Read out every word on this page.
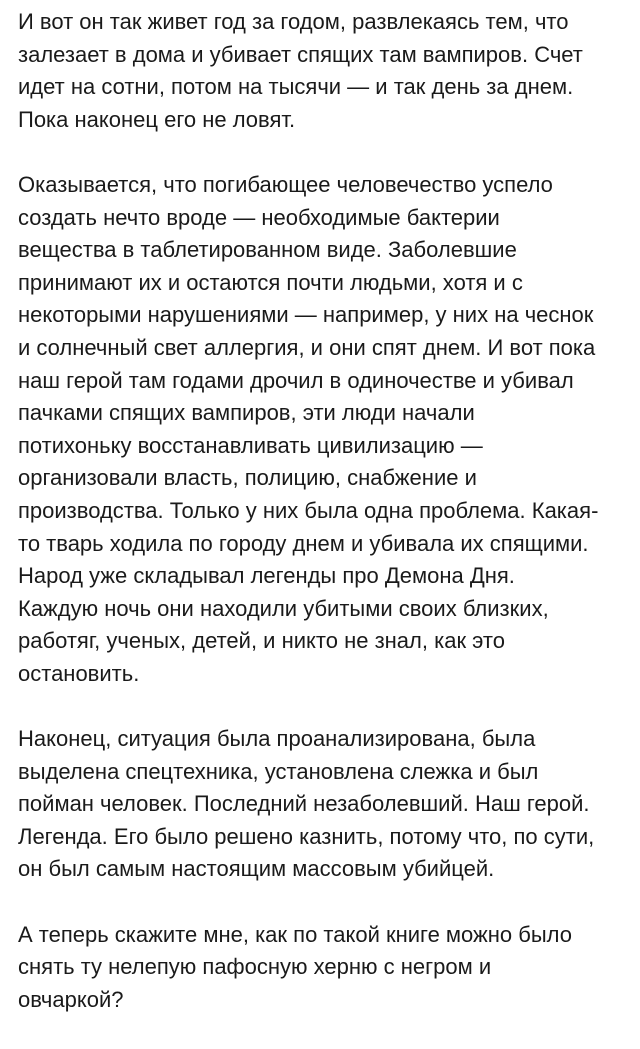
И вот он так живет год за годом, развлекаясь тем, что
залезает в дома и убивает спящих там вампиров. Счет
идет на сотни, потом на тысячи — и так день за днем.
Пока наконец его не ловят.

Оказывается, что погибающее человечество успело
создать нечто вроде — необходимые бактерии
вещества в таблетированном виде. Заболевшие
принимают их и остаются почти людьми, хотя и с
некоторыми нарушениями — например, у них на чеснок
и солнечный свет аллергия, и они спят днем. И вот пока
наш герой там годами дрочил в одиночестве и убивал
пачками спящих вампиров, эти люди начали
потихоньку восстанавливать цивилизацию —
организовали власть, полицию, снабжение и
производства. Только у них была одна проблема. Какая-
то тварь ходила по городу днем и убивала их спящими.
Народ уже складывал легенды про Демона Дня.
Каждую ночь они находили убитыми своих близких,
работяг, ученых, детей, и никто не знал, как это
остановить.

Наконец, ситуация была проанализирована, была
выделена спецтехника, установлена слежка и был
пойман человек. Последний незаболевший. Наш герой.
Легенда. Его было решено казнить, потому что, по сути,
он был самым настоящим массовым убийцей.

А теперь скажите мне, как по такой книге можно было
снять ту нелепую пафосную херню с негром и
овчаркой?
